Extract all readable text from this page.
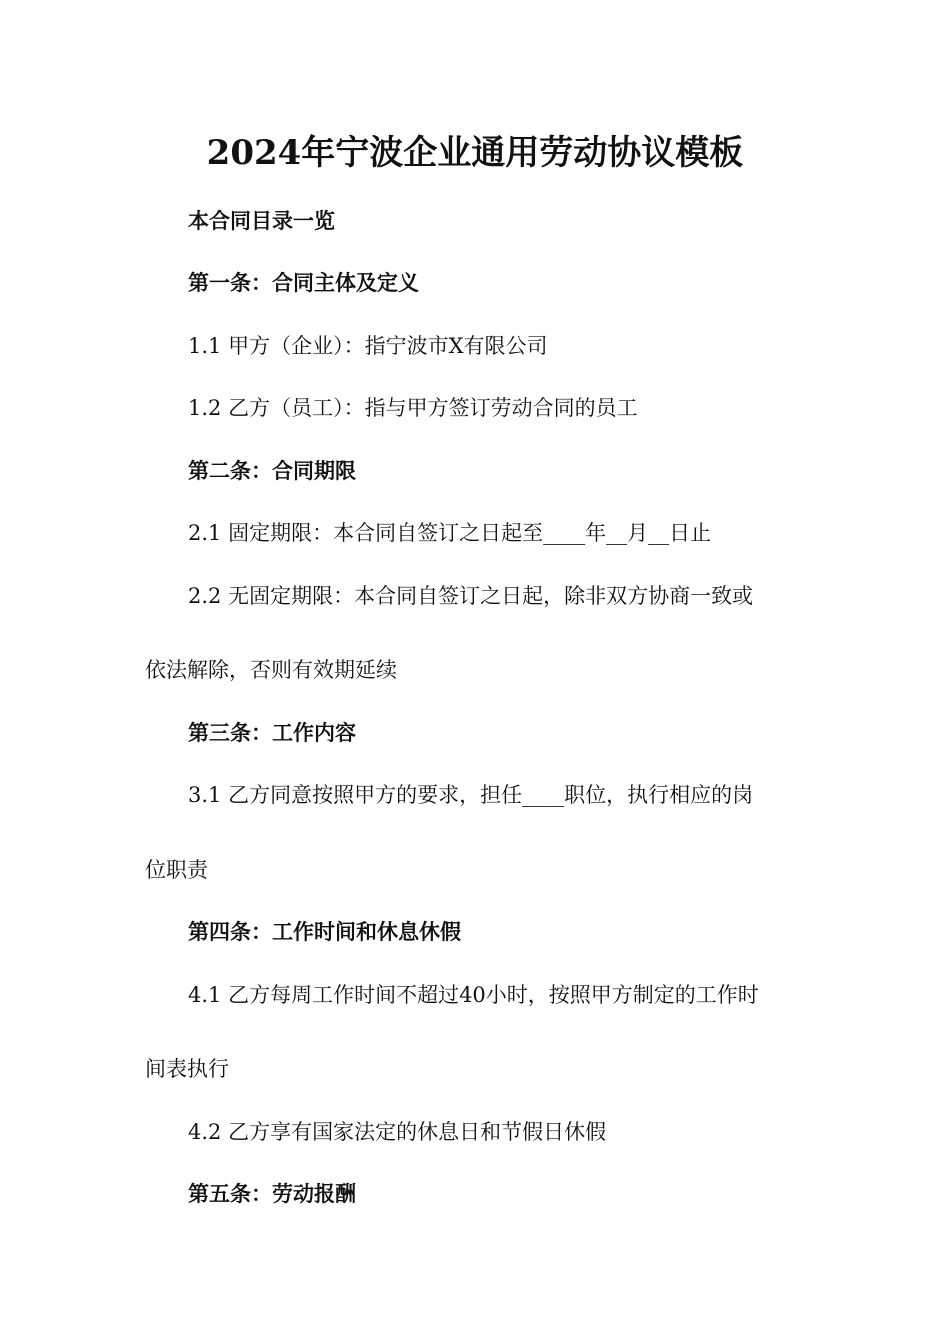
2024年宁波企业通用劳动协议模板
本合同目录一览
第一条：合同主体及定义
1.1 甲方（企业）：指宁波市X有限公司
1.2 乙方（员工）：指与甲方签订劳动合同的员工
第二条：合同期限
2.1 固定期限：本合同自签订之日起至____年__月__日止
2.2 无固定期限：本合同自签订之日起，除非双方协商一致或
依法解除，否则有效期延续
第三条：工作内容
3.1 乙方同意按照甲方的要求，担任____职位，执行相应的岗
位职责
第四条：工作时间和休息休假
4.1 乙方每周工作时间不超过40小时，按照甲方制定的工作时
间表执行
4.2 乙方享有国家法定的休息日和节假日休假
第五条：劳动报酬
